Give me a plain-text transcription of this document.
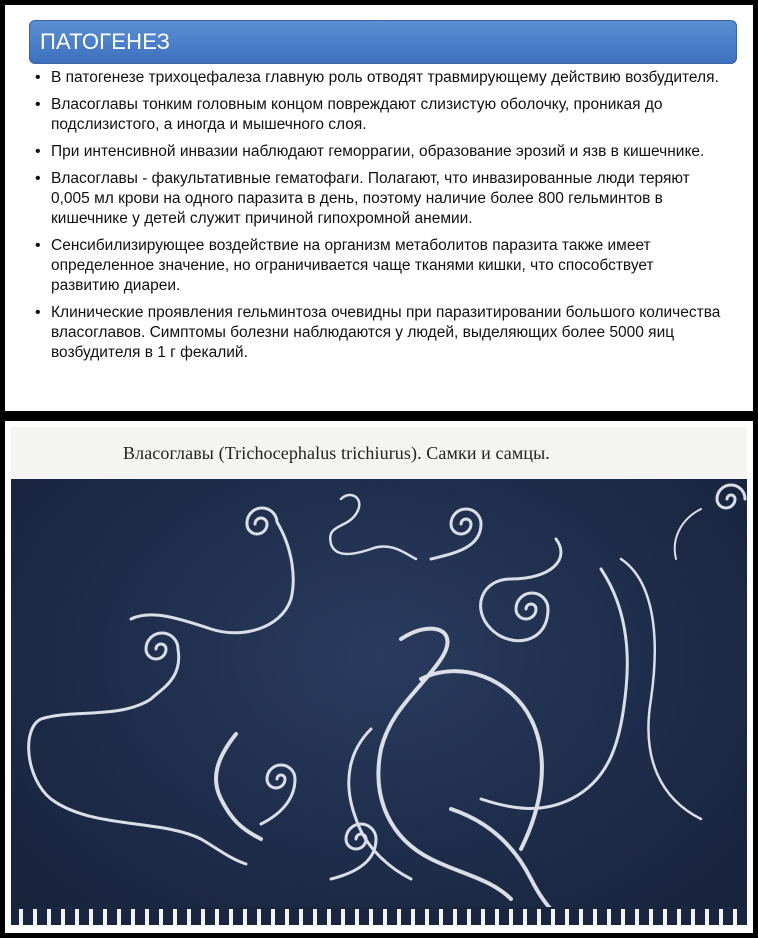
ПАТОГЕНЕЗ
• В патогенезе трихоцефалеза главную роль отводят травмирующему действию возбудителя.
• Власоглавы тонким головным концом повреждают слизистую оболочку, проникая до подслизистого, а иногда и мышечного слоя.
• При интенсивной инвазии наблюдают геморрагии, образование эрозий и язв в кишечнике.
• Власоглавы - факультативные гематофаги. Полагают, что инвазированные люди теряют 0,005 мл крови на одного паразита в день, поэтому наличие более 800 гельминтов в кишечнике у детей служит причиной гипохромной анемии.
• Сенсибилизирующее воздействие на организм метаболитов паразита также имеет определенное значение, но ограничивается чаще тканями кишки, что способствует развитию диареи.
• Клинические проявления гельминтоза очевидны при паразитировании большого количества власоглавов. Симптомы болезни наблюдаются у людей, выделяющих более 5000 яиц возбудителя в 1 г фекалий.
Власоглавы (Trichocephalus trichiurus). Самки и самцы.
